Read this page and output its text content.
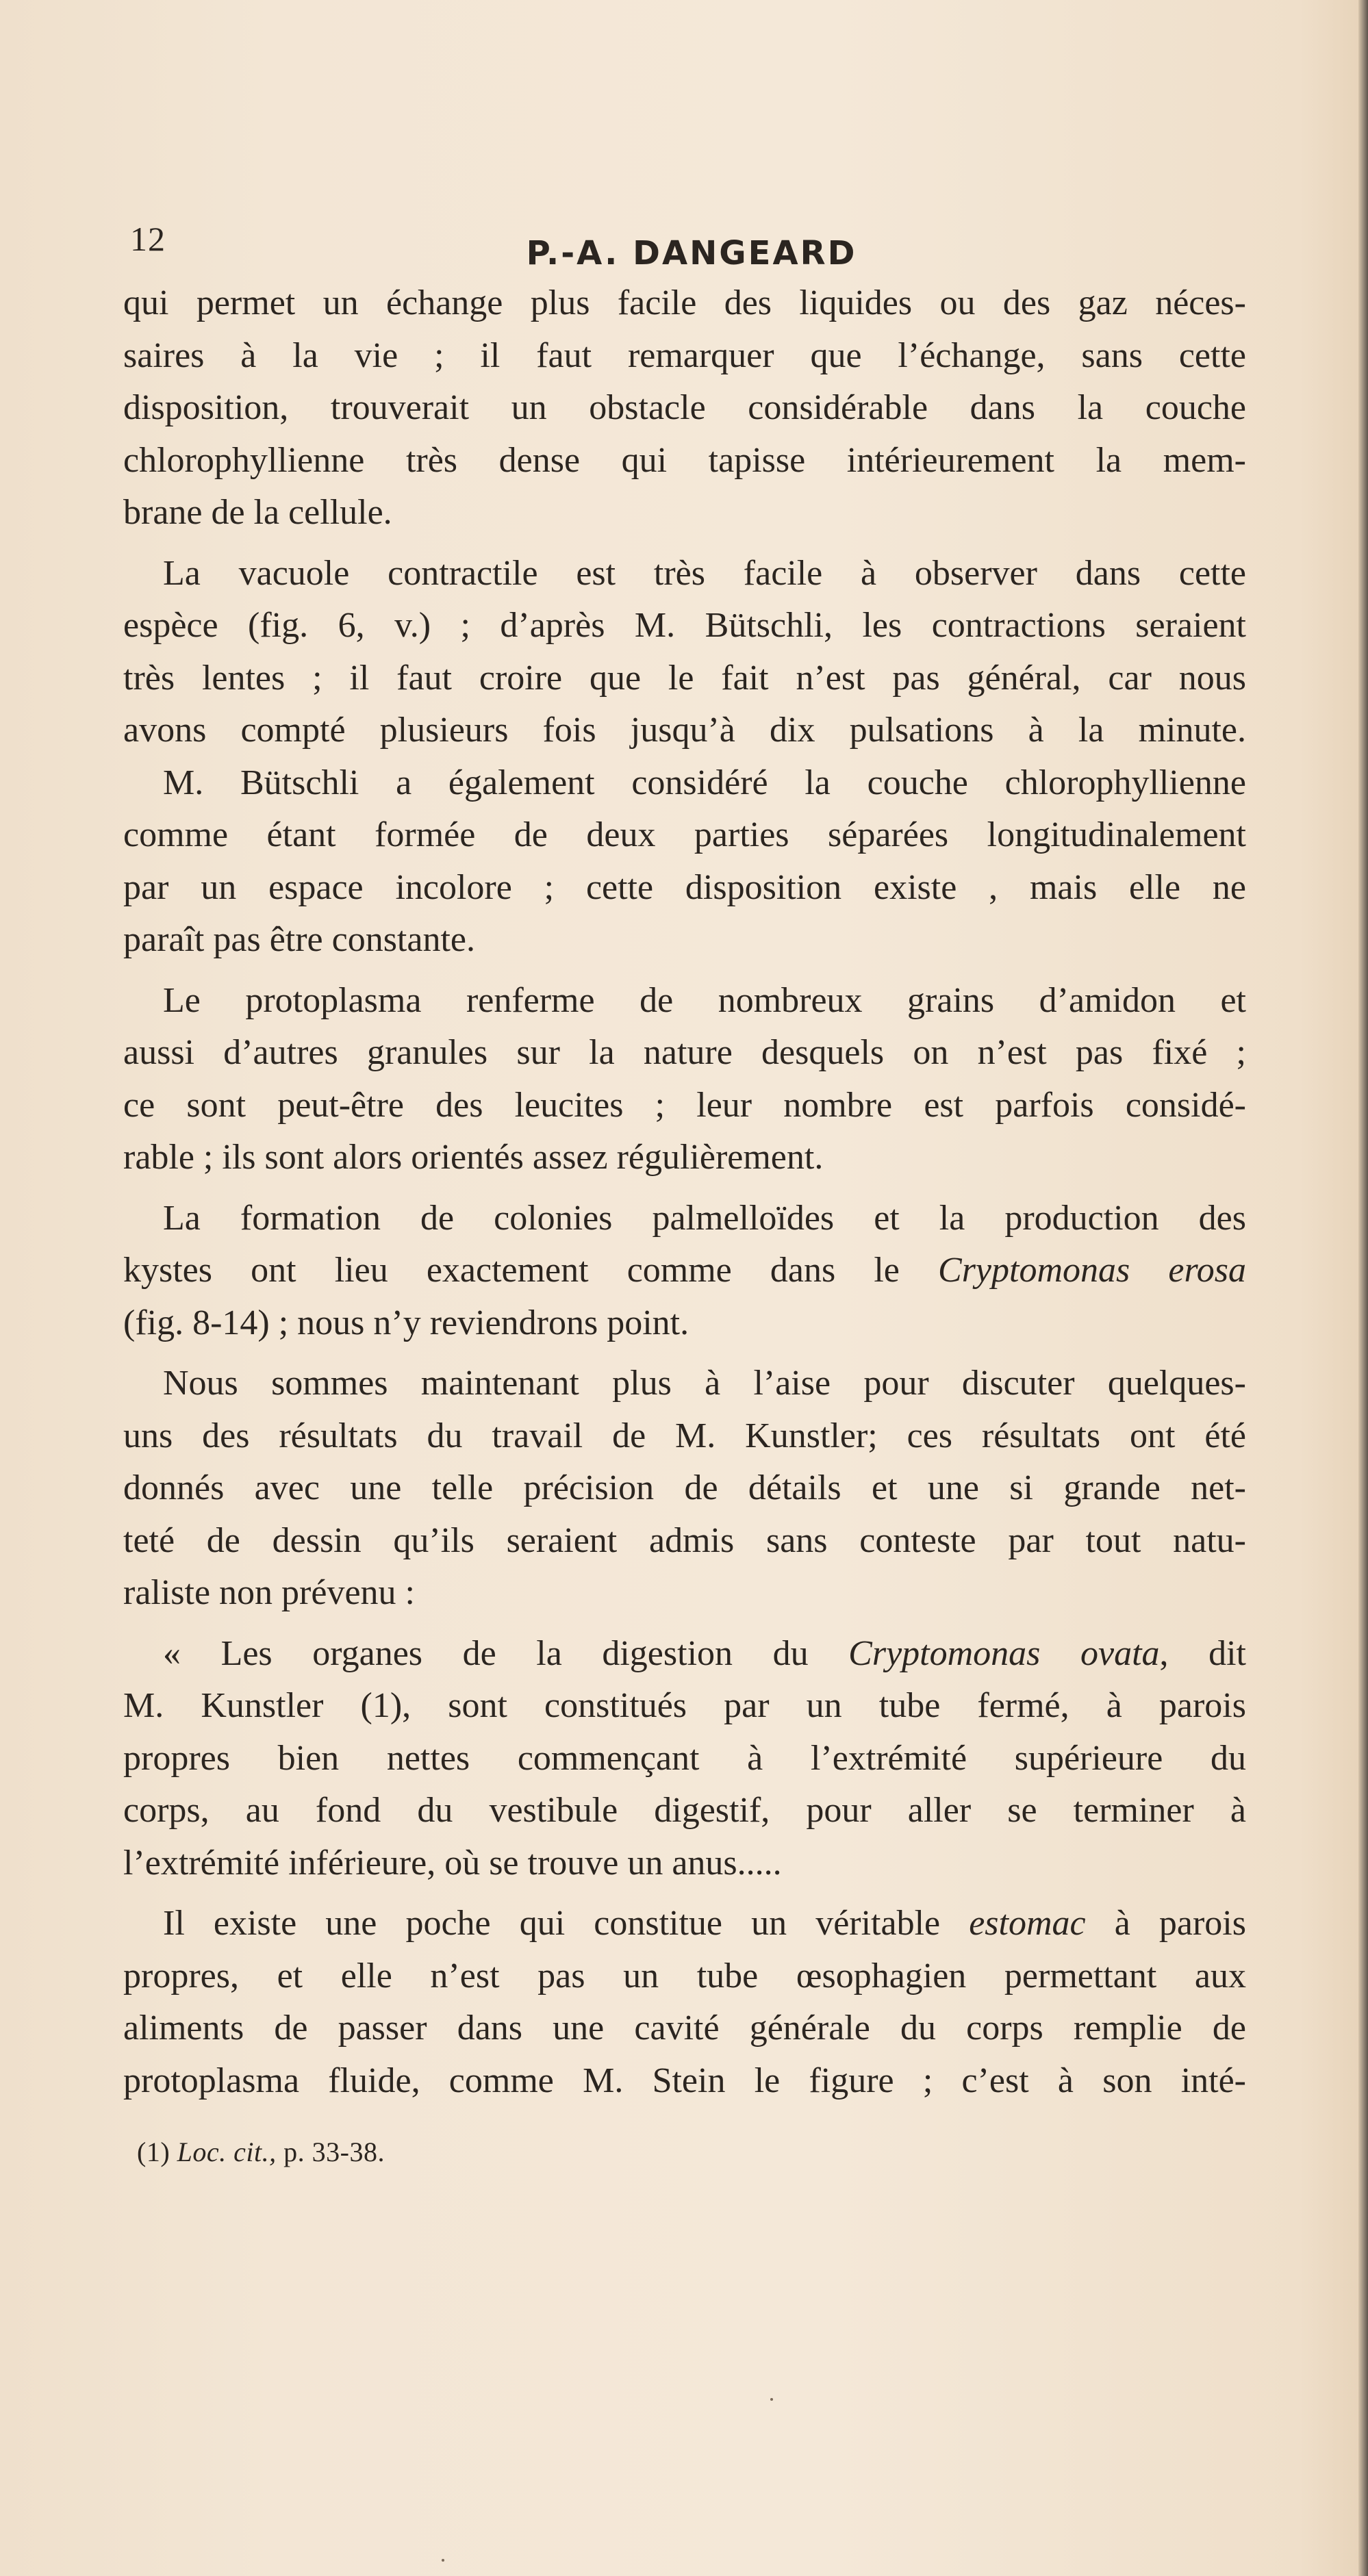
12	P.-A. DANGEARD
qui permet un échange plus facile des liquides ou des gaz néces-
saires à la vie ; il faut remarquer que l’échange, sans cette
disposition, trouverait un obstacle considérable dans la couche
chlorophyllienne très dense qui tapisse intérieurement la mem-
brane de la cellule.
La vacuole contractile est très facile à observer dans cette
espèce (fig. 6, v.) ; d’après M. Bütschli, les contractions seraient
très lentes ; il faut croire que le fait n’est pas général, car nous
avons compté plusieurs fois jusqu’à dix pulsations à la minute.
M. Bütschli a également considéré la couche chlorophyllienne
comme étant formée de deux parties séparées longitudinalement
par un espace incolore ; cette disposition existe , mais elle ne
paraît pas être constante.
Le protoplasma renferme de nombreux grains d’amidon et
aussi d’autres granules sur la nature desquels on n’est pas fixé ;
ce sont peut-être des leucites ; leur nombre est parfois considé-
rable ; ils sont alors orientés assez régulièrement.
La formation de colonies palmelloïdes et la production des
kystes ont lieu exactement comme dans le Cryptomonas erosa
(fig. 8-14) ; nous n’y reviendrons point.
Nous sommes maintenant plus à l’aise pour discuter quelques-
uns des résultats du travail de M. Kunstler; ces résultats ont été
donnés avec une telle précision de détails et une si grande net-
teté de dessin qu’ils seraient admis sans conteste par tout natu-
raliste non prévenu :
« Les organes de la digestion du Cryptomonas ovata, dit
M. Kunstler (1), sont constitués par un tube fermé, à parois
propres bien nettes commençant à l’extrémité supérieure du
corps, au fond du vestibule digestif, pour aller se terminer à
l’extrémité inférieure, où se trouve un anus.....
Il existe une poche qui constitue un véritable estomac à parois
propres, et elle n’est pas un tube œsophagien permettant aux
aliments de passer dans une cavité générale du corps remplie de
protoplasma fluide, comme M. Stein le figure ; c’est à son inté-
(1) Loc. cit., p. 33-38.
